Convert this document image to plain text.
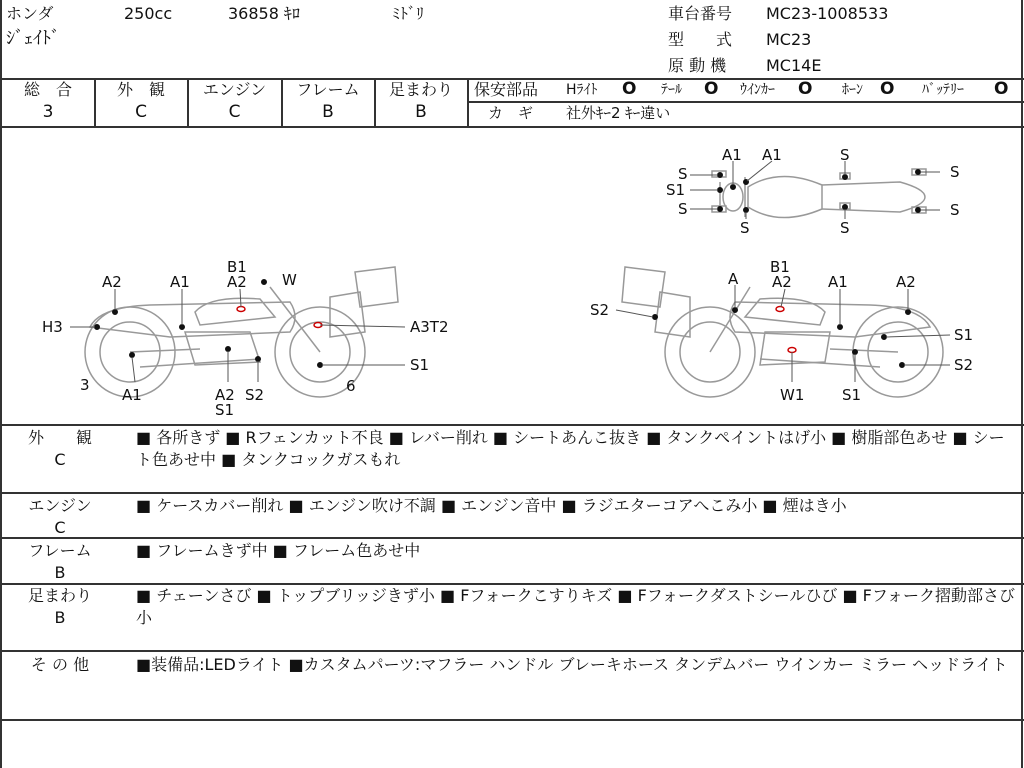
ホンダ	250cc	36858 ｷﾛ	ﾐﾄﾞﾘ
ｼﾞｪｲﾄﾞ
車台番号 MC23-1008533
型　　式 MC23
原 動 機 MC14E
総　合
3
外　観
C
エンジン
C
フレーム
B
足まわり
B
保安部品 Hﾗｲﾄ O ﾃｰﾙ O ｳｲﾝｶｰ O ﾎｰﾝ O ﾊﾞｯﾃﾘｰ O
カ　ギ 社外ｷｰ2 ｷｰ違い
A1 A1	S
S
S1
S
S	S
S
S
B1
A2 W
A2	A1
H3	A3T2
S1
3
A1	A2 S2
S1
6
B1
A A2 A1	A2
S2
S1
S2
W1	S1
外　　観
C
■ 各所きず ■ Rフェンカット不良 ■ レバー削れ ■ シートあんこ抜き ■ タンクペイントはげ小 ■ 樹脂部色あせ ■ シート色あせ中 ■ タンクコックガスもれ
エンジン
C
■ ケースカバー削れ ■ エンジン吹け不調 ■ エンジン音中 ■ ラジエターコアへこみ小 ■ 煙はき小
フレーム
B
■ フレームきず中 ■ フレーム色あせ中
足まわり
B
■ チェーンさび ■ トップブリッジきず小 ■ Fフォークこすりキズ ■ Fフォークダストシールひび ■ Fフォーク摺動部さび小
そ の 他	■装備品:LEDライト ■カスタムパーツ:マフラー ハンドル ブレーキホース タンデムバー ウインカー ミラー ヘッドライト
